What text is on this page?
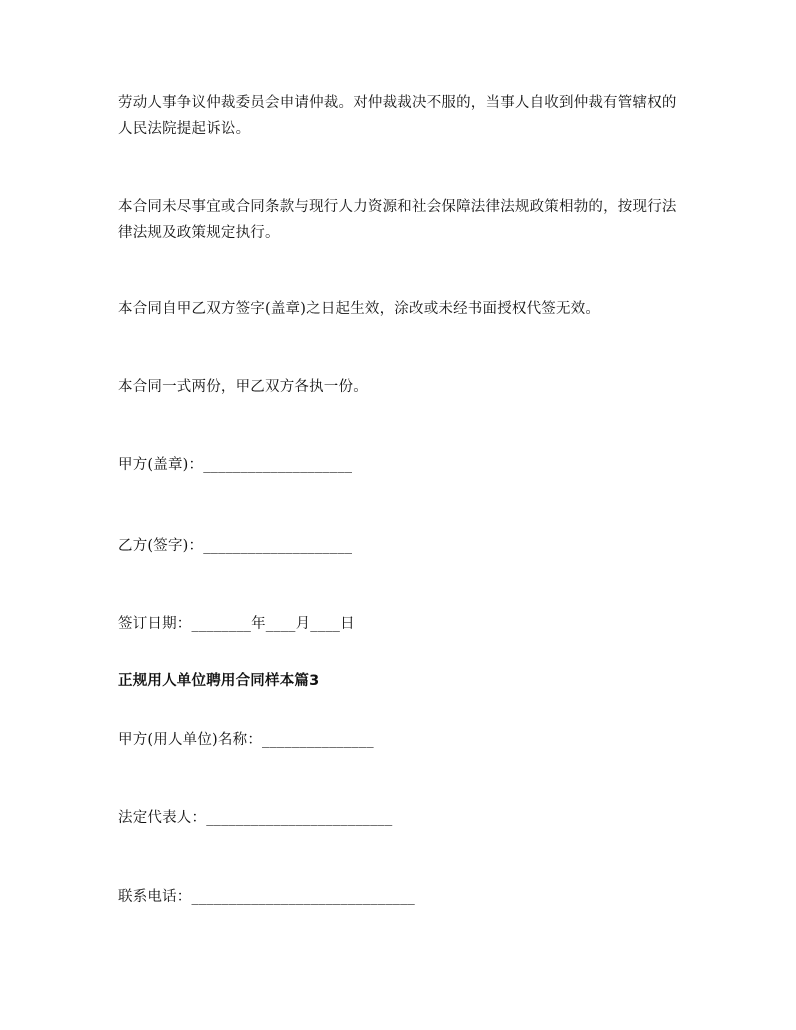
劳动人事争议仲裁委员会申请仲裁。对仲裁裁决不服的，当事人自收到仲裁有管辖权的人民法院提起诉讼。

本合同未尽事宜或合同条款与现行人力资源和社会保障法律法规政策相勃的，按现行法律法规及政策规定执行。

本合同自甲乙双方签字(盖章)之日起生效，涂改或未经书面授权代签无效。

本合同一式两份，甲乙双方各执一份。

甲方(盖章)：____________________

乙方(签字)：____________________

签订日期：________年____月____日

正规用人单位聘用合同样本篇3

甲方(用人单位)名称：_______________

法定代表人：_________________________

联系电话：______________________________
